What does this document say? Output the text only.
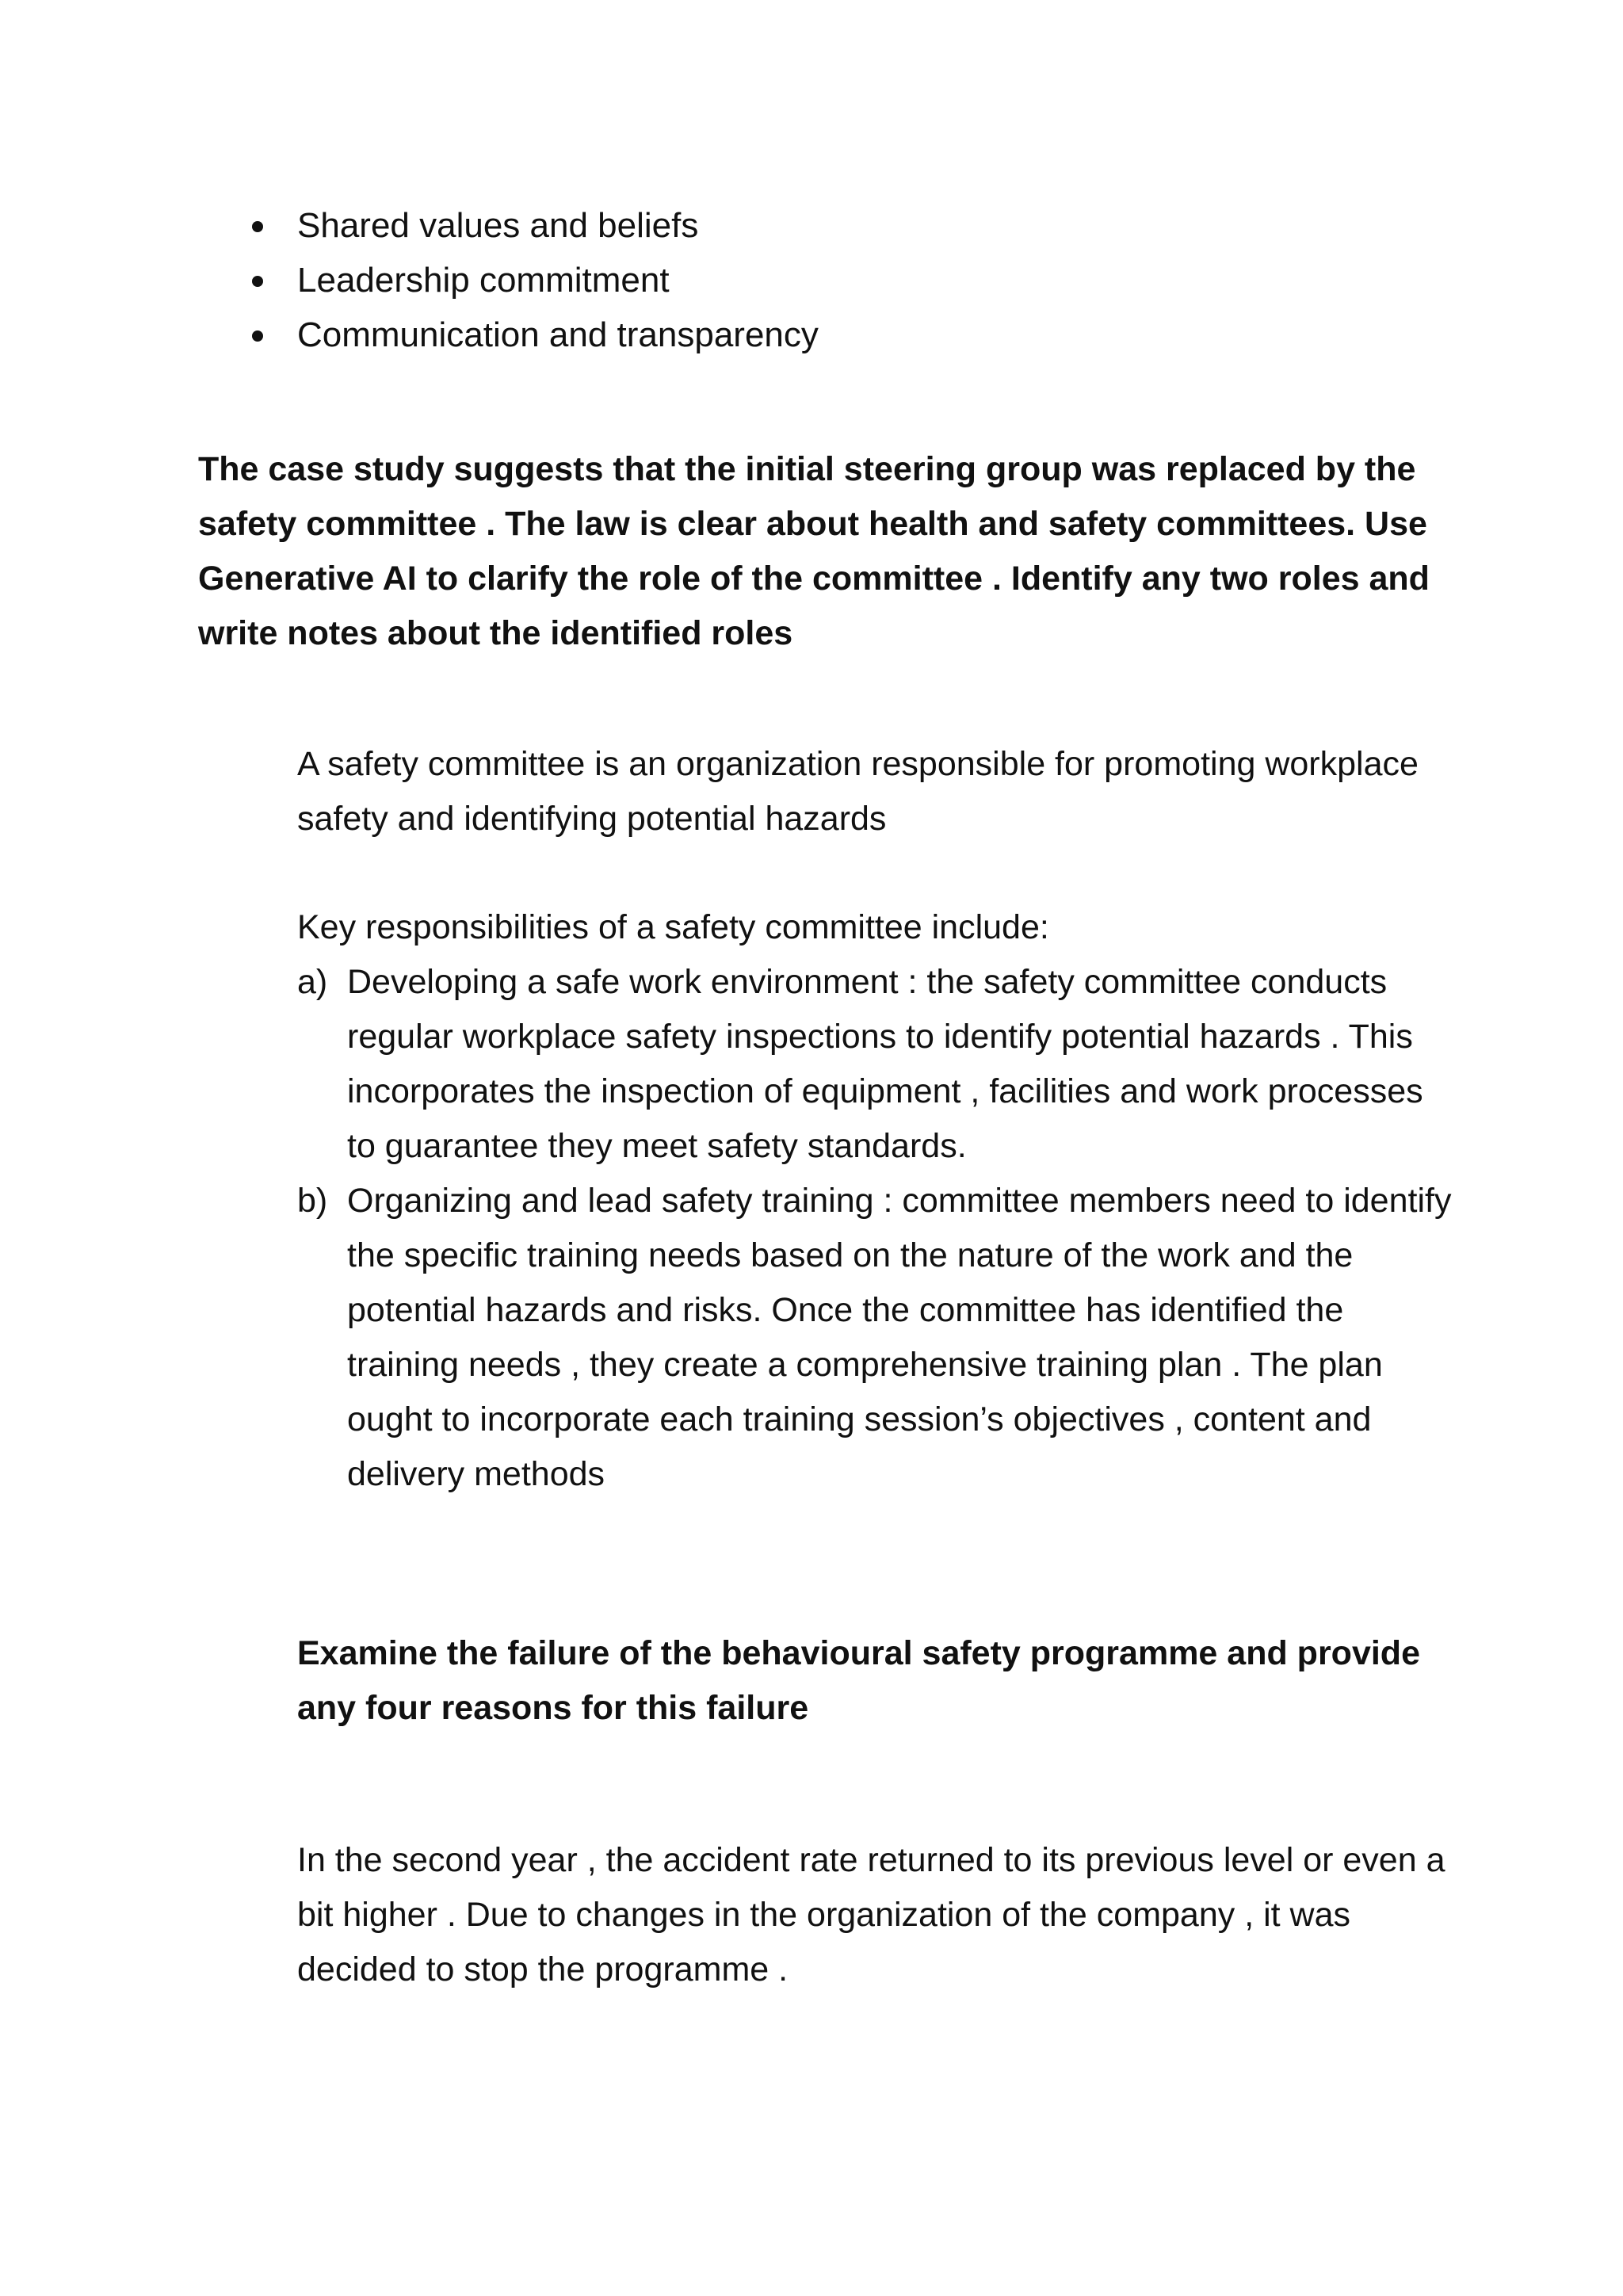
Shared values and beliefs
Leadership commitment
Communication and transparency

The case study suggests that the initial steering group was replaced by the safety committee . The law is clear about health and safety committees. Use Generative AI to clarify the role of the committee . Identify any two roles and write notes about the identified roles

A safety committee is an organization responsible for promoting workplace safety and identifying potential hazards

Key responsibilities of a safety committee include:

a) Developing a safe work environment : the safety committee conducts regular workplace safety inspections to identify potential hazards . This incorporates the inspection of equipment , facilities and work processes to guarantee they meet safety standards.
b) Organizing and lead safety training : committee members need to identify the specific training needs based on the nature of the work and the potential hazards and risks. Once the committee has identified the training needs , they create a comprehensive training plan . The plan ought to incorporate each training session’s objectives , content and delivery methods

Examine the failure of the behavioural safety programme and provide any four reasons for this failure

In the second year , the accident rate returned to its previous level or even a bit higher . Due to changes in the organization of the company , it was decided to stop the programme .
